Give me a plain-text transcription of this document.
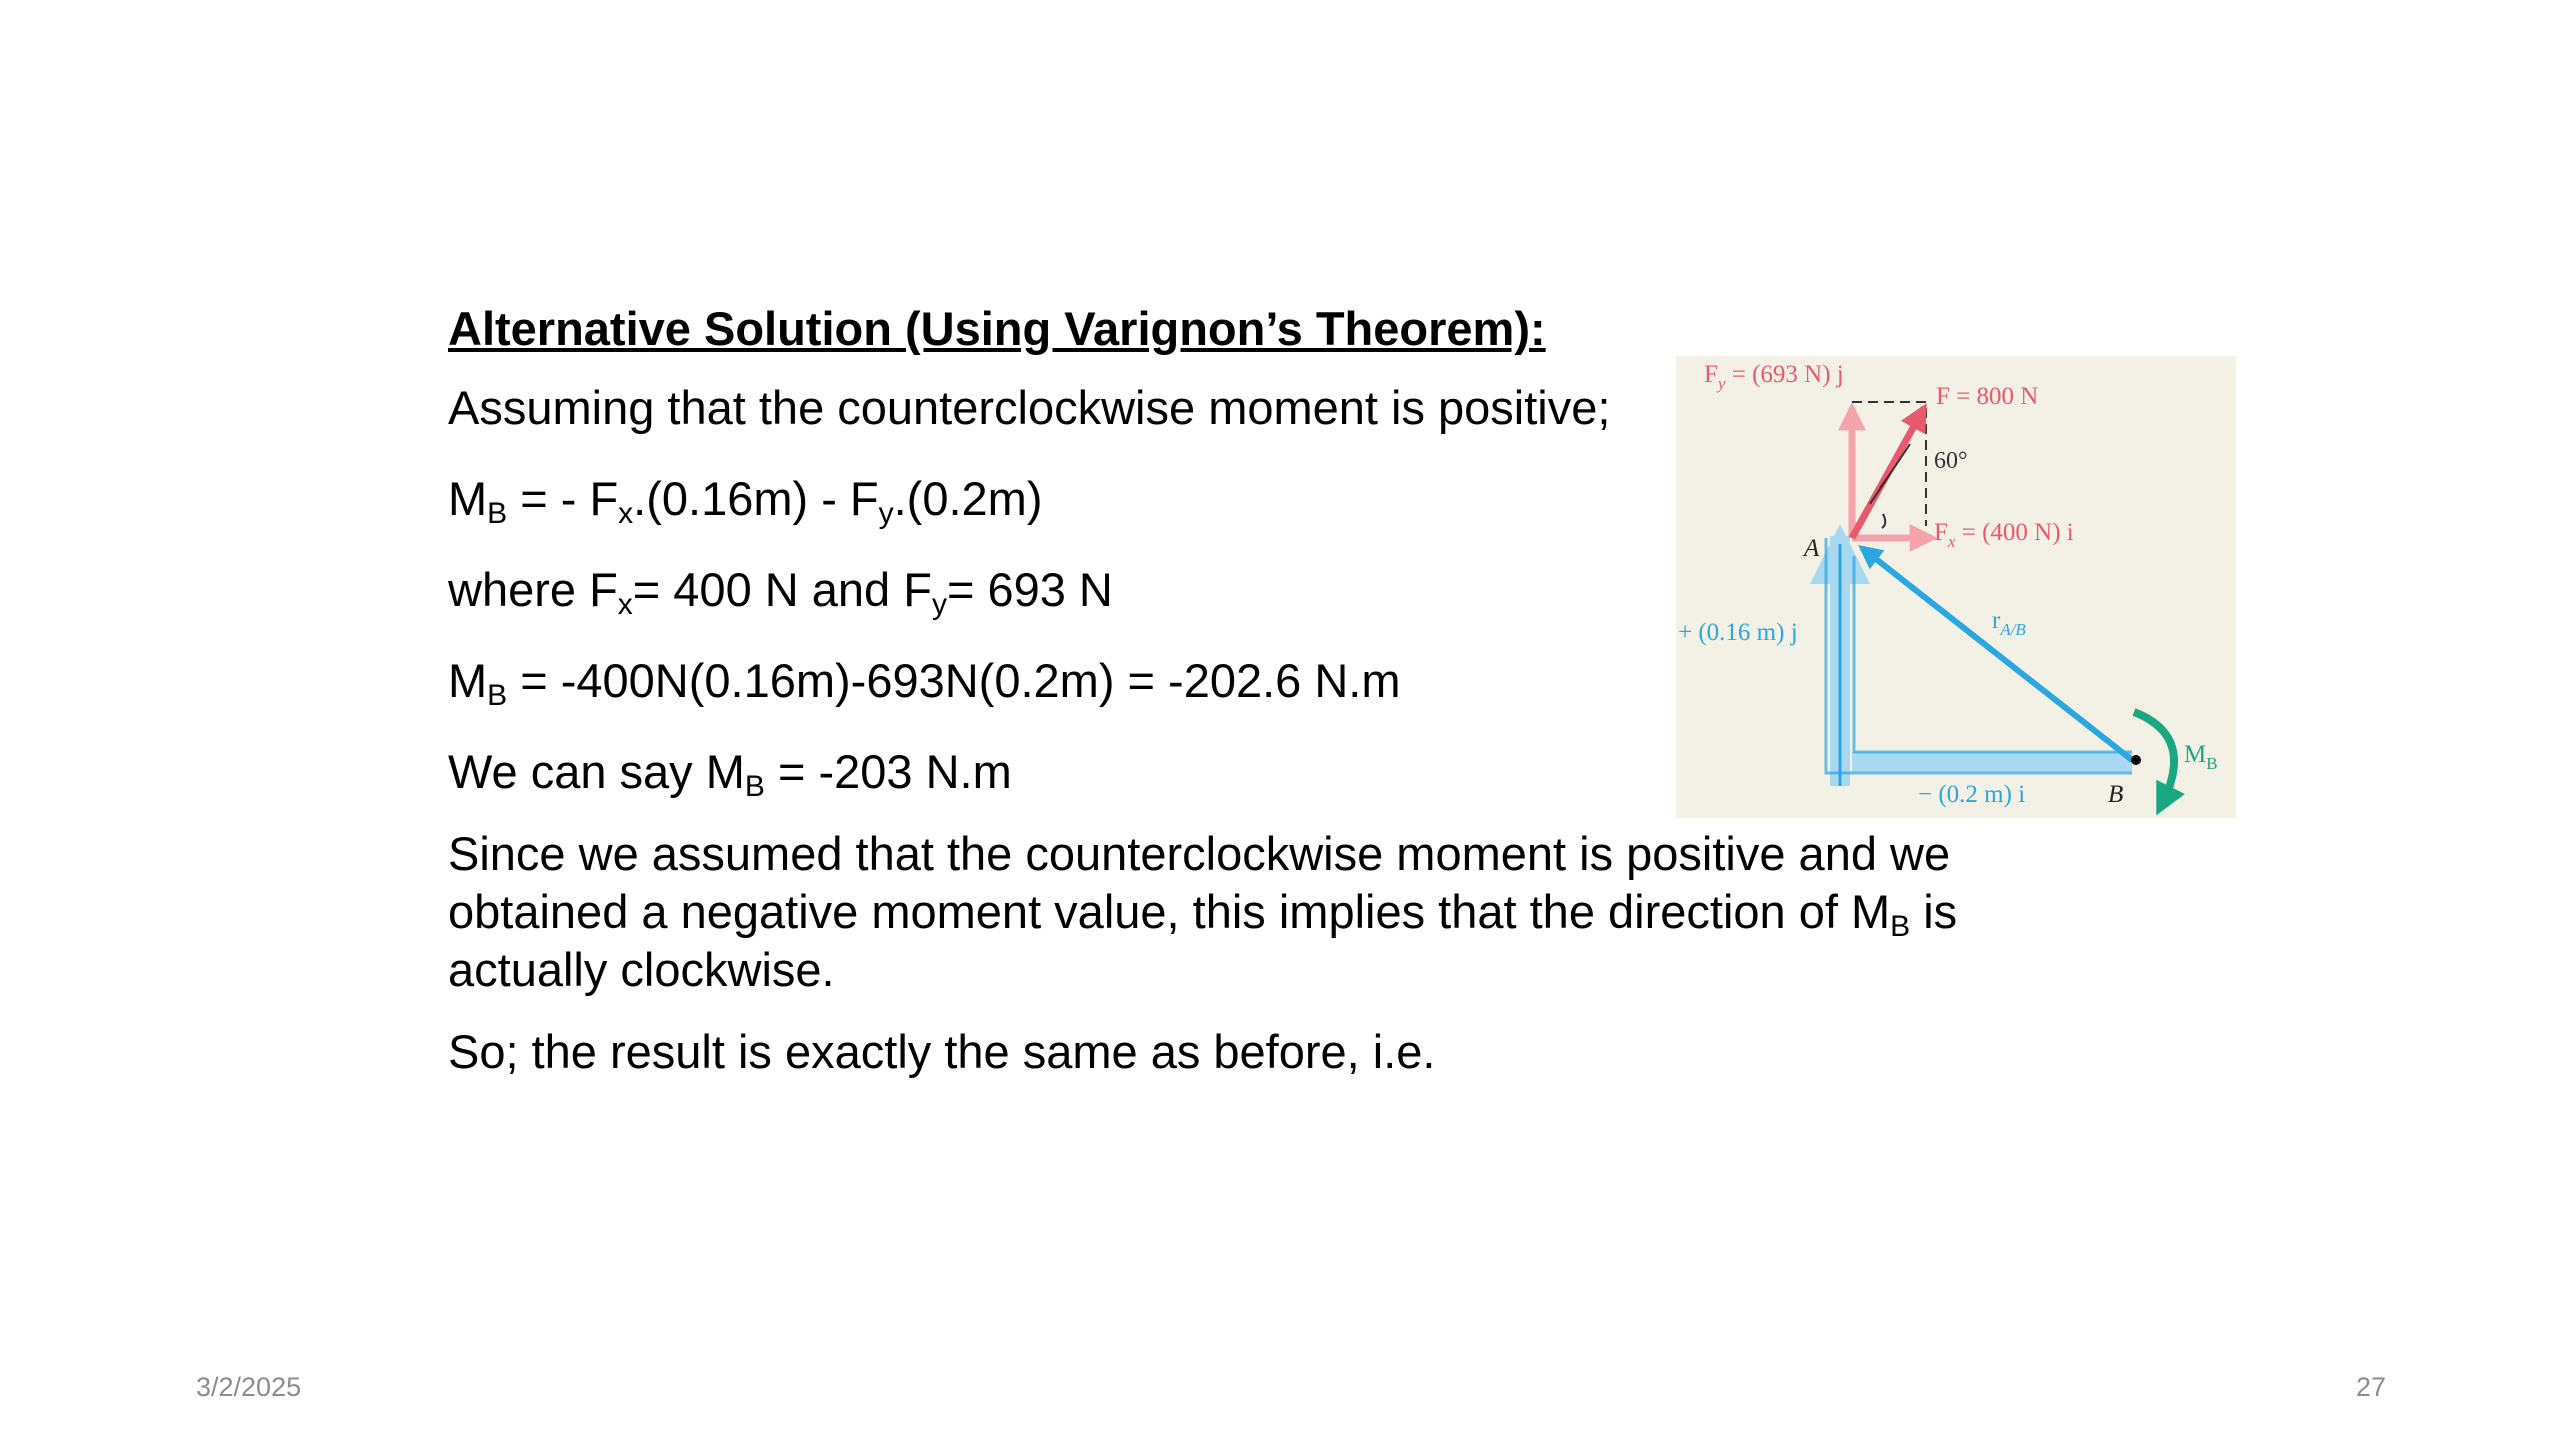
Alternative Solution (Using Varignon’s Theorem):

Assuming that the counterclockwise moment is positive;
$M_B$ = - $F_x.(0.16m) - F_y.(0.2m)$
where $F_x= 400$ N and $F_y= 693$ N
$M_B = -400N(0.16m)-693N(0.2m) = -202.6$ N.m
We can say $M_B = -203$ N.m
Since we assumed that the counterclockwise moment is positive and we obtained a negative moment value, this implies that the direction of $M_B$ is actually clockwise.
So; the result is exactly the same as before, i.e.
$F_y = (693$ N) j
F = 800 N
60°
$F_x = (400$ N) i
A
+ (0.16 m) j	$r_{A/B}$
$M_B$
− (0.2 m) i	B
3/2/2025	27
